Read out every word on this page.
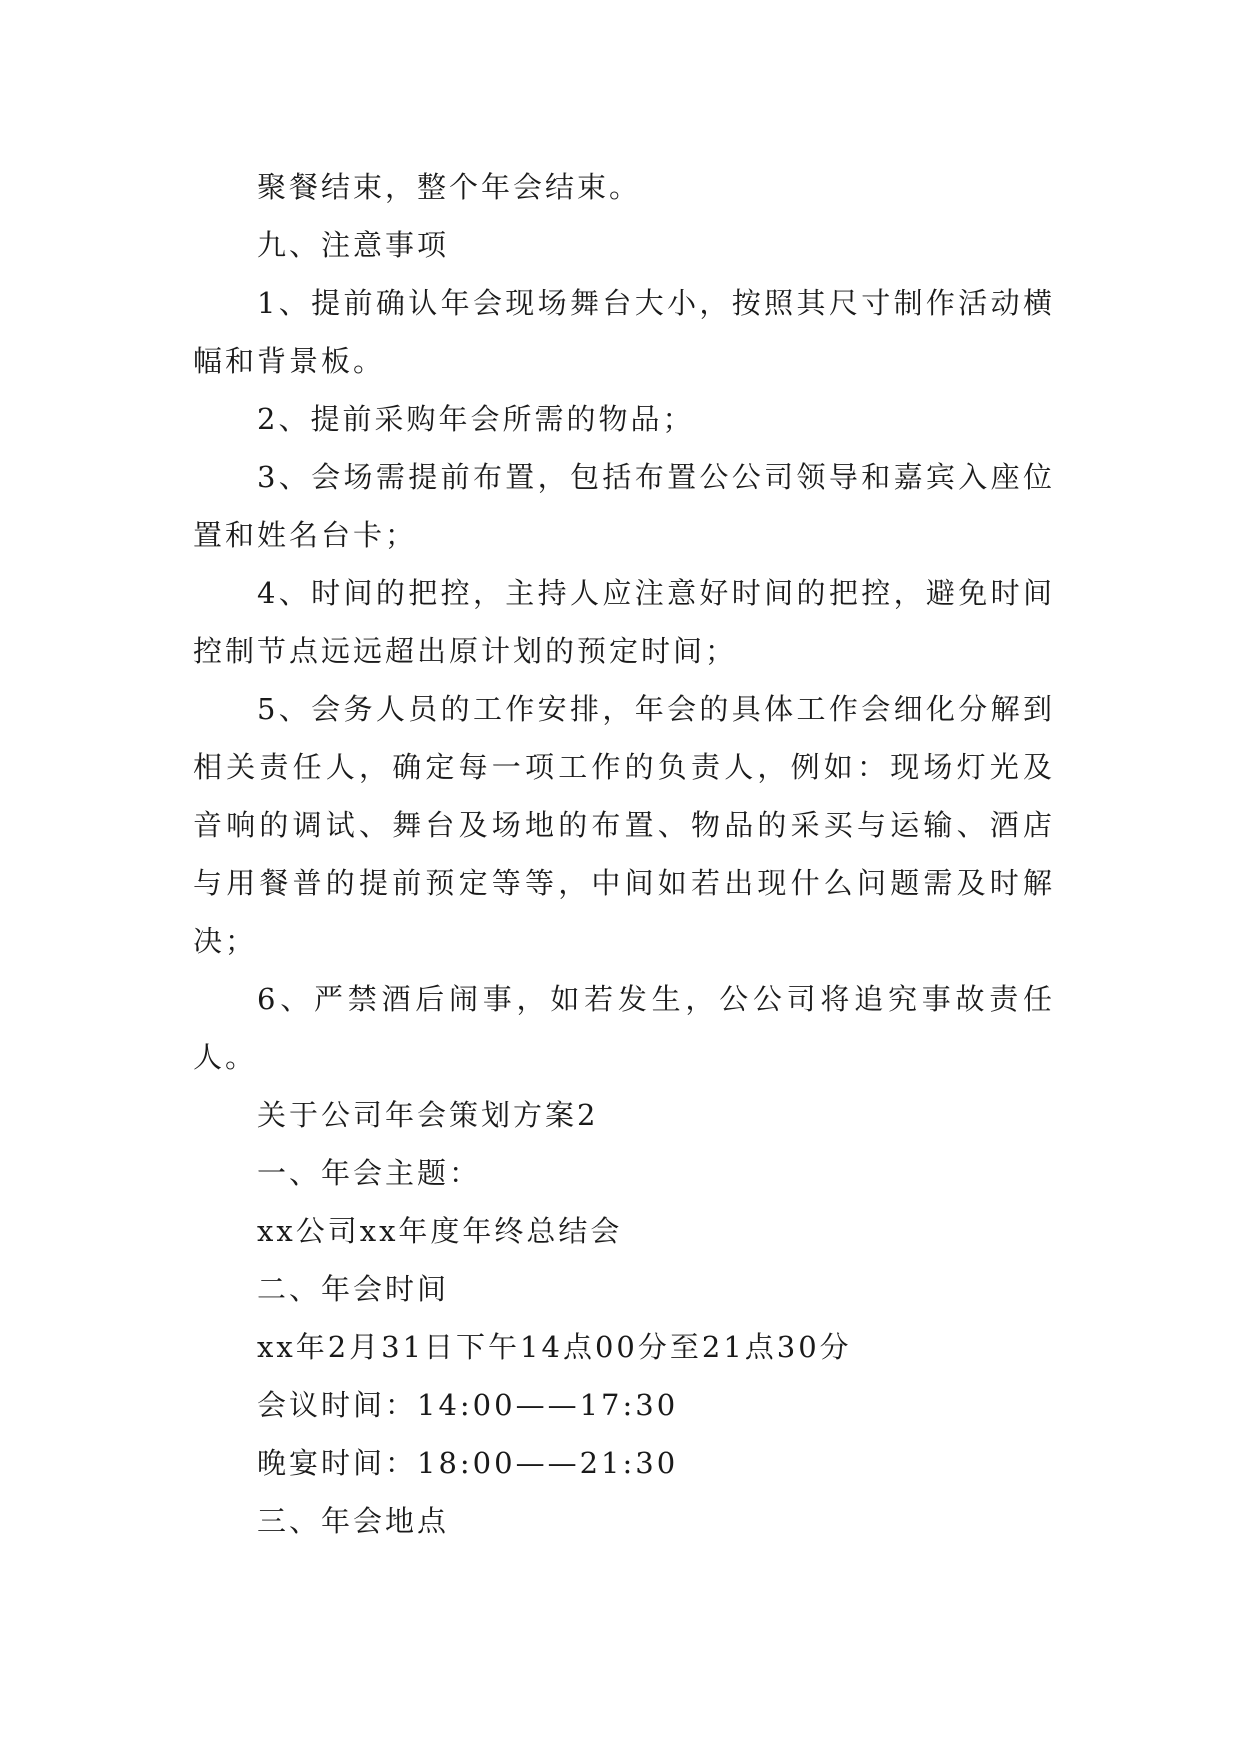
聚餐结束，整个年会结束。

九、注意事项

1、提前确认年会现场舞台大小，按照其尺寸制作活动横幅和背景板。

2、提前采购年会所需的物品；

3、会场需提前布置，包括布置公公司领导和嘉宾入座位置和姓名台卡；

4、时间的把控，主持人应注意好时间的把控，避免时间控制节点远远超出原计划的预定时间；

5、会务人员的工作安排，年会的具体工作会细化分解到相关责任人，确定每一项工作的负责人，例如：现场灯光及音响的调试、舞台及场地的布置、物品的采买与运输、酒店与用餐普的提前预定等等，中间如若出现什么问题需及时解决；

6、严禁酒后闹事，如若发生，公公司将追究事故责任人。

关于公司年会策划方案2

一、年会主题：

xx公司xx年度年终总结会

二、年会时间

xx年2月31日下午14点00分至21点30分

会议时间：14:00——17:30

晚宴时间：18:00——21:30

三、年会地点
